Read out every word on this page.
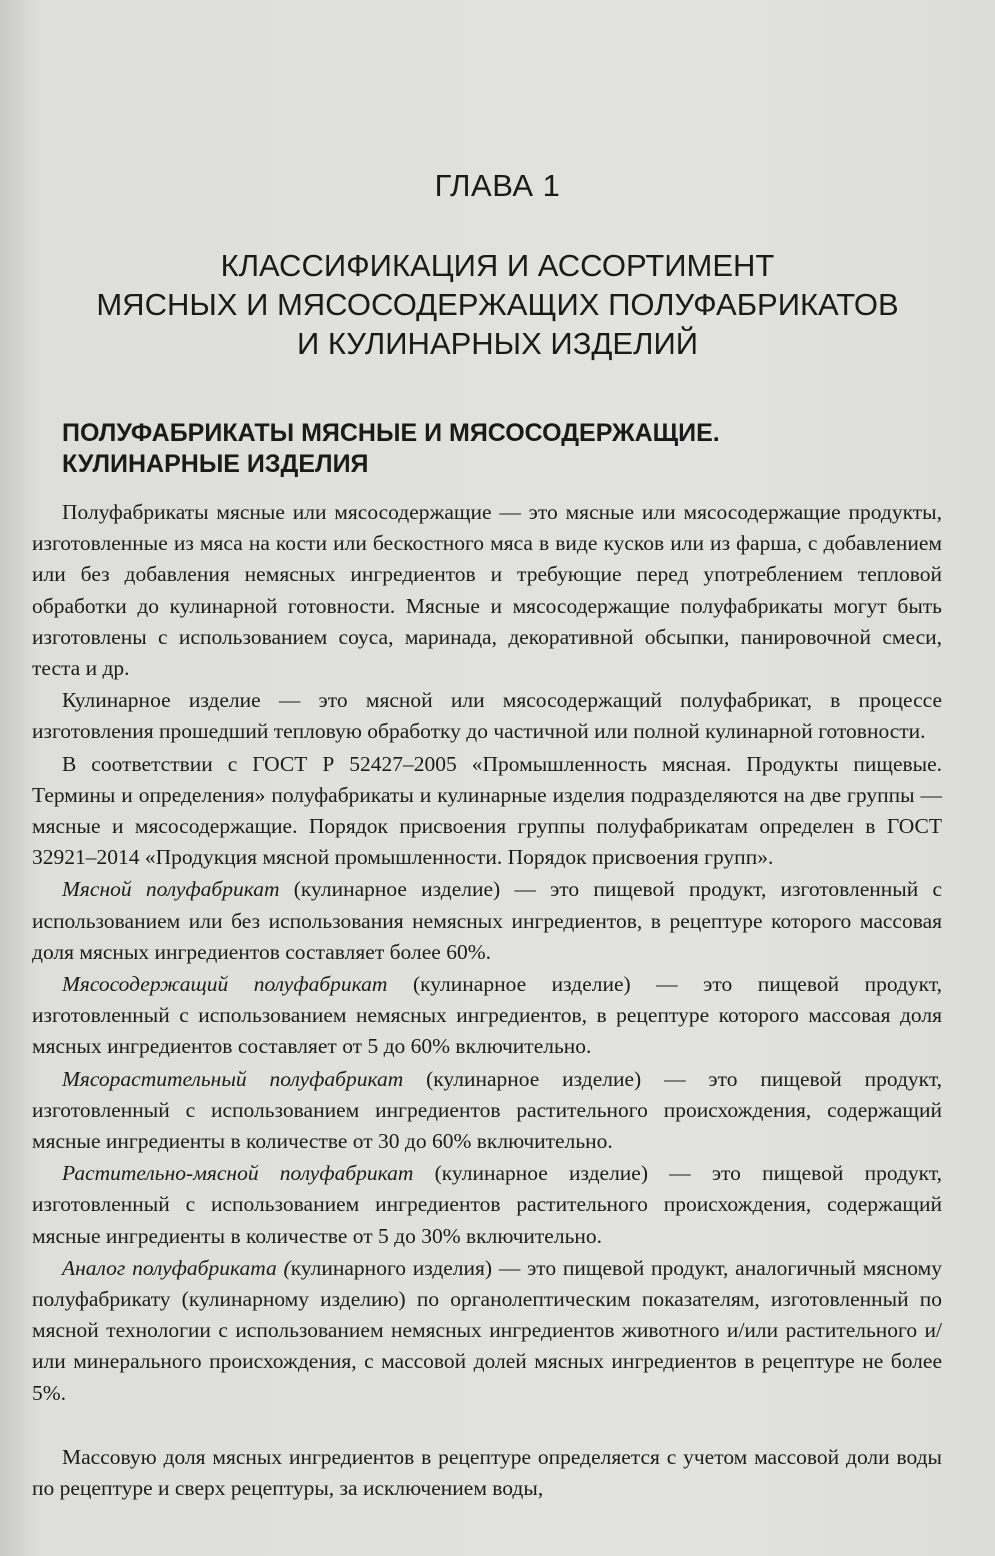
ГЛАВА 1
КЛАССИФИКАЦИЯ И АССОРТИМЕНТ
МЯСНЫХ И МЯСОСОДЕРЖАЩИХ ПОЛУФАБРИКАТОВ
И КУЛИНАРНЫХ ИЗДЕЛИЙ
ПОЛУФАБРИКАТЫ МЯСНЫЕ И МЯСОСОДЕРЖАЩИЕ.
КУЛИНАРНЫЕ ИЗДЕЛИЯ

Полуфабрикаты мясные или мясосодержащие — это мясные или мясосодержащие продукты, изготовленные из мяса на кости или бескостного мяса в виде кусков или из фарша, с добавлением или без добавления немясных ингредиентов и требующие перед употреблением тепловой обработки до кулинарной готовности. Мясные и мясосодержащие полуфабрикаты могут быть изготовлены с использованием соуса, маринада, декоративной обсыпки, панировочной смеси, теста и др.

Кулинарное изделие — это мясной или мясосодержащий полуфабрикат, в процессе изготовления прошедший тепловую обработку до частичной или полной кулинарной готовности.

В соответствии с ГОСТ Р 52427–2005 «Промышленность мясная. Продукты пищевые. Термины и определения» полуфабрикаты и кулинарные изделия подразделяются на две группы — мясные и мясосодержащие. Порядок присвоения группы полуфабрикатам определен в ГОСТ 32921–2014 «Продукция мясной промышленности. Порядок присвоения групп».

Мясной полуфабрикат (кулинарное изделие) — это пищевой продукт, изготовленный с использованием или без использования немясных ингредиентов, в рецептуре которого массовая доля мясных ингредиентов составляет более 60%.

Мясосодержащий полуфабрикат (кулинарное изделие) — это пищевой продукт, изготовленный с использованием немясных ингредиентов, в рецептуре которого массовая доля мясных ингредиентов составляет от 5 до 60% включительно.

Мясорастительный полуфабрикат (кулинарное изделие) — это пищевой продукт, изготовленный с использованием ингредиентов растительного происхождения, содержащий мясные ингредиенты в количестве от 30 до 60% включительно.

Растительно-мясной полуфабрикат (кулинарное изделие) — это пищевой продукт, изготовленный с использованием ингредиентов растительного происхождения, содержащий мясные ингредиенты в количестве от 5 до 30% включительно.

Аналог полуфабриката (кулинарного изделия) — это пищевой продукт, аналогичный мясному полуфабрикату (кулинарному изделию) по органолептическим показателям, изготовленный по мясной технологии с использованием немясных ингредиентов животного и/или растительного и/или минерального происхождения, с массовой долей мясных ингредиентов в рецептуре не более 5%.

Массовую доля мясных ингредиентов в рецептуре определяется с учетом массовой доли воды по рецептуре и сверх рецептуры, за исключением воды,
